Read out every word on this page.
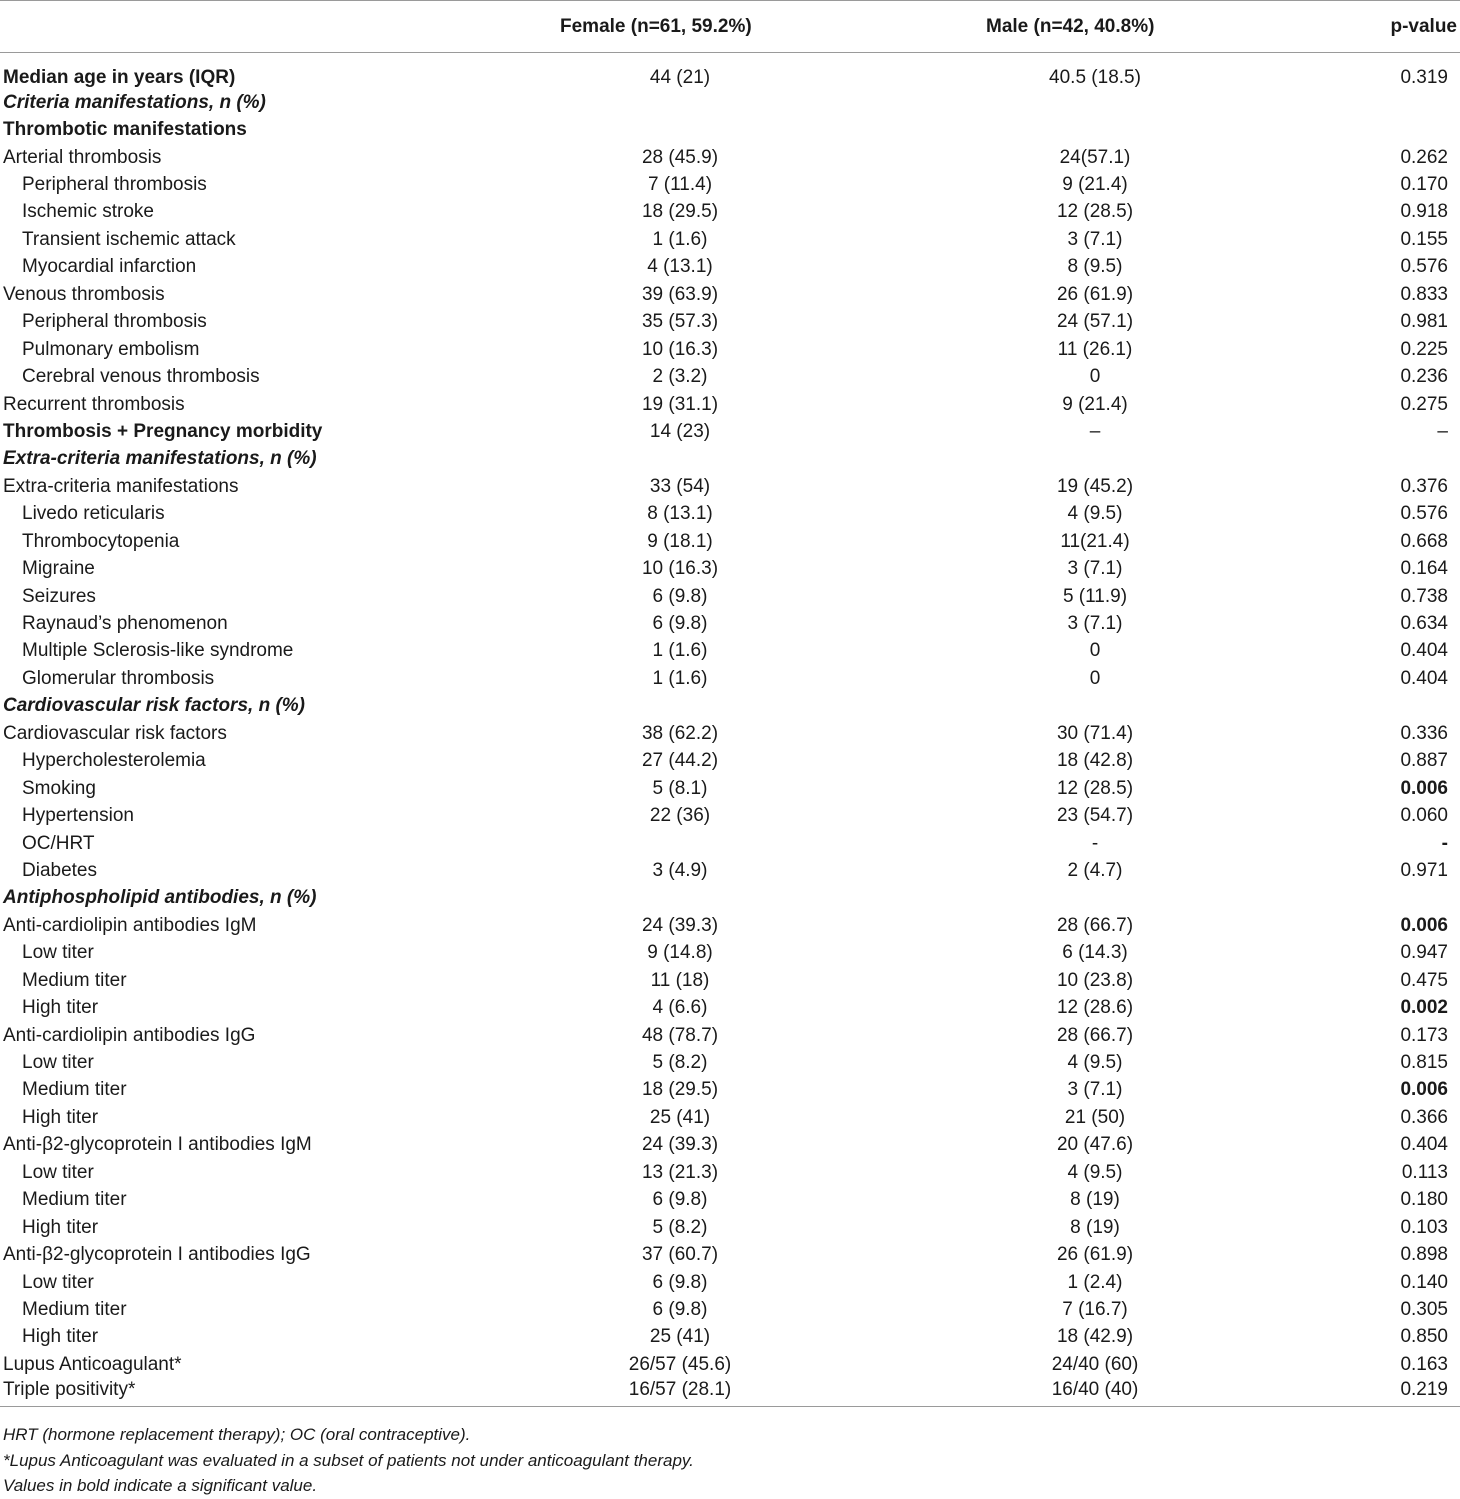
	Female (n=61, 59.2%)	Male (n=42, 40.8%)	p-value
Median age in years (IQR)	44 (21)	40.5 (18.5)	0.319
Criteria manifestations, n (%)			
Thrombotic manifestations			
Arterial thrombosis	28 (45.9)	24(57.1)	0.262
Peripheral thrombosis	7 (11.4)	9 (21.4)	0.170
Ischemic stroke	18 (29.5)	12 (28.5)	0.918
Transient ischemic attack	1 (1.6)	3 (7.1)	0.155
Myocardial infarction	4 (13.1)	8 (9.5)	0.576
Venous thrombosis	39 (63.9)	26 (61.9)	0.833
Peripheral thrombosis	35 (57.3)	24 (57.1)	0.981
Pulmonary embolism	10 (16.3)	11 (26.1)	0.225
Cerebral venous thrombosis	2 (3.2)	0	0.236
Recurrent thrombosis	19 (31.1)	9 (21.4)	0.275
Thrombosis + Pregnancy morbidity	14 (23)	–	–
Extra-criteria manifestations, n (%)			
Extra-criteria manifestations	33 (54)	19 (45.2)	0.376
Livedo reticularis	8 (13.1)	4 (9.5)	0.576
Thrombocytopenia	9 (18.1)	11(21.4)	0.668
Migraine	10 (16.3)	3 (7.1)	0.164
Seizures	6 (9.8)	5 (11.9)	0.738
Raynaud’s phenomenon	6 (9.8)	3 (7.1)	0.634
Multiple Sclerosis-like syndrome	1 (1.6)	0	0.404
Glomerular thrombosis	1 (1.6)	0	0.404
Cardiovascular risk factors, n (%)			
Cardiovascular risk factors	38 (62.2)	30 (71.4)	0.336
Hypercholesterolemia	27 (44.2)	18 (42.8)	0.887
Smoking	5 (8.1)	12 (28.5)	0.006
Hypertension	22 (36)	23 (54.7)	0.060
OC/HRT		-	-
Diabetes	3 (4.9)	2 (4.7)	0.971
Antiphospholipid antibodies, n (%)			
Anti-cardiolipin antibodies IgM	24 (39.3)	28 (66.7)	0.006
Low titer	9 (14.8)	6 (14.3)	0.947
Medium titer	11 (18)	10 (23.8)	0.475
High titer	4 (6.6)	12 (28.6)	0.002
Anti-cardiolipin antibodies IgG	48 (78.7)	28 (66.7)	0.173
Low titer	5 (8.2)	4 (9.5)	0.815
Medium titer	18 (29.5)	3 (7.1)	0.006
High titer	25 (41)	21 (50)	0.366
Anti-β2-glycoprotein I antibodies IgM	24 (39.3)	20 (47.6)	0.404
Low titer	13 (21.3)	4 (9.5)	0.113
Medium titer	6 (9.8)	8 (19)	0.180
High titer	5 (8.2)	8 (19)	0.103
Anti-β2-glycoprotein I antibodies IgG	37 (60.7)	26 (61.9)	0.898
Low titer	6 (9.8)	1 (2.4)	0.140
Medium titer	6 (9.8)	7 (16.7)	0.305
High titer	25 (41)	18 (42.9)	0.850
Lupus Anticoagulant*	26/57 (45.6)	24/40 (60)	0.163
Triple positivity*	16/57 (28.1)	16/40 (40)	0.219
HRT (hormone replacement therapy); OC (oral contraceptive).
*Lupus Anticoagulant was evaluated in a subset of patients not under anticoagulant therapy.
Values in bold indicate a significant value.
